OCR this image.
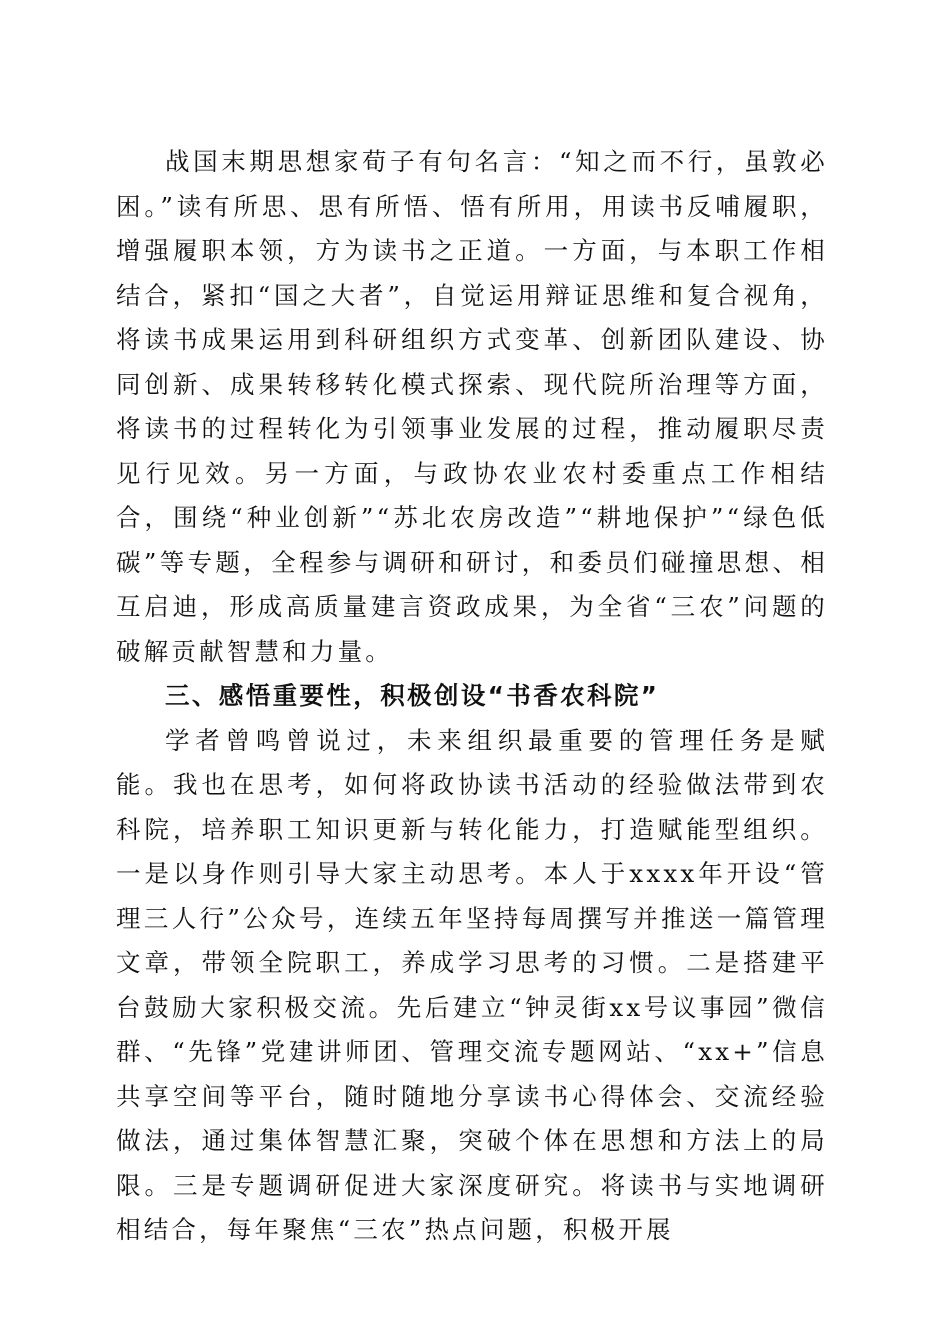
战国末期思想家荀子有句名言：“知之而不行，虽敦必困。”读有所思、思有所悟、悟有所用，用读书反哺履职，增强履职本领，方为读书之正道。一方面，与本职工作相结合，紧扣“国之大者”，自觉运用辩证思维和复合视角，将读书成果运用到科研组织方式变革、创新团队建设、协同创新、成果转移转化模式探索、现代院所治理等方面，将读书的过程转化为引领事业发展的过程，推动履职尽责见行见效。另一方面，与政协农业农村委重点工作相结合，围绕“种业创新”“苏北农房改造”“耕地保护”“绿色低碳”等专题，全程参与调研和研讨，和委员们碰撞思想、相互启迪，形成高质量建言资政成果，为全省“三农”问题的破解贡献智慧和力量。

三、感悟重要性，积极创设“书香农科院”

学者曾鸣曾说过，未来组织最重要的管理任务是赋能。我也在思考，如何将政协读书活动的经验做法带到农科院，培养职工知识更新与转化能力，打造赋能型组织。一是以身作则引导大家主动思考。本人于xxxx年开设“管理三人行”公众号，连续五年坚持每周撰写并推送一篇管理文章，带领全院职工，养成学习思考的习惯。二是搭建平台鼓励大家积极交流。先后建立“钟灵街xx号议事园”微信群、“先锋”党建讲师团、管理交流专题网站、“xx+”信息共享空间等平台，随时随地分享读书心得体会、交流经验做法，通过集体智慧汇聚，突破个体在思想和方法上的局限。三是专题调研促进大家深度研究。将读书与实地调研相结合，每年聚焦“三农”热点问题，积极开展
